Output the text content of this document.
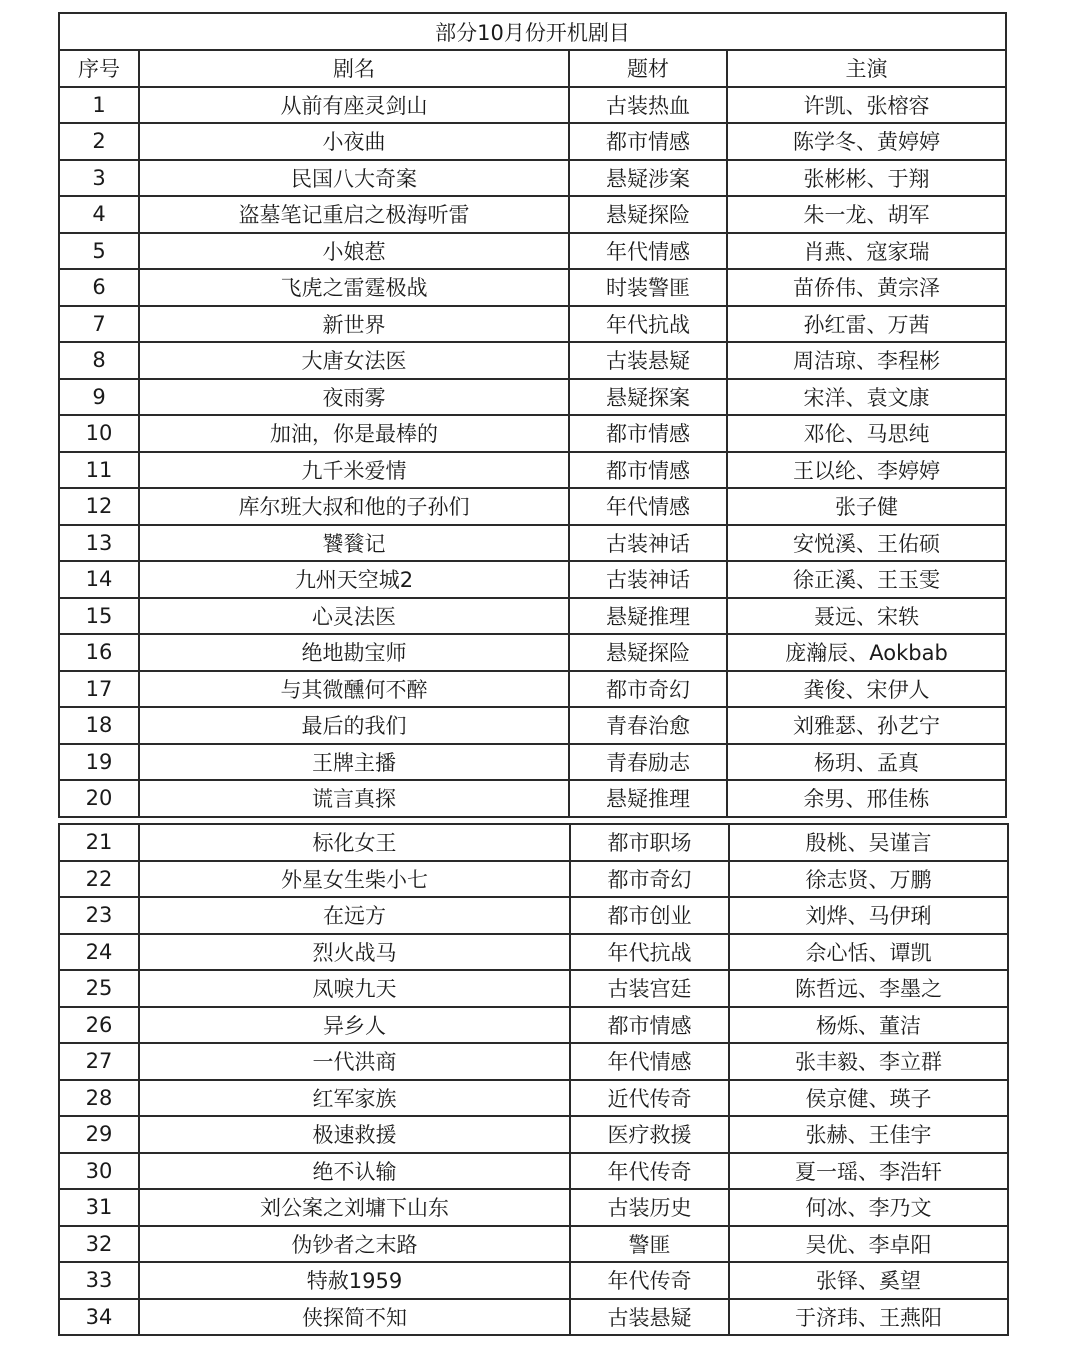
部分10月份开机剧目			
序号	剧名	题材	主演
1	从前有座灵剑山	古装热血	许凯、张榕容
2	小夜曲	都市情感	陈学冬、黄婷婷
3	民国八大奇案	悬疑涉案	张彬彬、于翔
4	盗墓笔记重启之极海听雷	悬疑探险	朱一龙、胡军
5	小娘惹	年代情感	肖燕、寇家瑞
6	飞虎之雷霆极战	时装警匪	苗侨伟、黄宗泽
7	新世界	年代抗战	孙红雷、万茜
8	大唐女法医	古装悬疑	周洁琼、李程彬
9	夜雨雾	悬疑探案	宋洋、袁文康
10	加油，你是最棒的	都市情感	邓伦、马思纯
11	九千米爱情	都市情感	王以纶、李婷婷
12	库尔班大叔和他的子孙们	年代情感	张子健
13	饕餮记	古装神话	安悦溪、王佑硕
14	九州天空城2	古装神话	徐正溪、王玉雯
15	心灵法医	悬疑推理	聂远、宋轶
16	绝地勘宝师	悬疑探险	庞瀚辰、Aokbab
17	与其微醺何不醉	都市奇幻	龚俊、宋伊人
18	最后的我们	青春治愈	刘雅瑟、孙艺宁
19	王牌主播	青春励志	杨玥、孟真
20	谎言真探	悬疑推理	余男、邢佳栋
21	标化女王	都市职场	殷桃、吴谨言
22	外星女生柴小七	都市奇幻	徐志贤、万鹏
23	在远方	都市创业	刘烨、马伊琍
24	烈火战马	年代抗战	佘心恬、谭凯
25	凤唳九天	古装宫廷	陈哲远、李墨之
26	异乡人	都市情感	杨烁、董洁
27	一代洪商	年代情感	张丰毅、李立群
28	红军家族	近代传奇	侯京健、瑛子
29	极速救援	医疗救援	张赫、王佳宇
30	绝不认输	年代传奇	夏一瑶、李浩轩
31	刘公案之刘墉下山东	古装历史	何冰、李乃文
32	伪钞者之末路	警匪	吴优、李卓阳
33	特赦1959	年代传奇	张铎、奚望
34	侠探简不知	古装悬疑	于济玮、王燕阳
